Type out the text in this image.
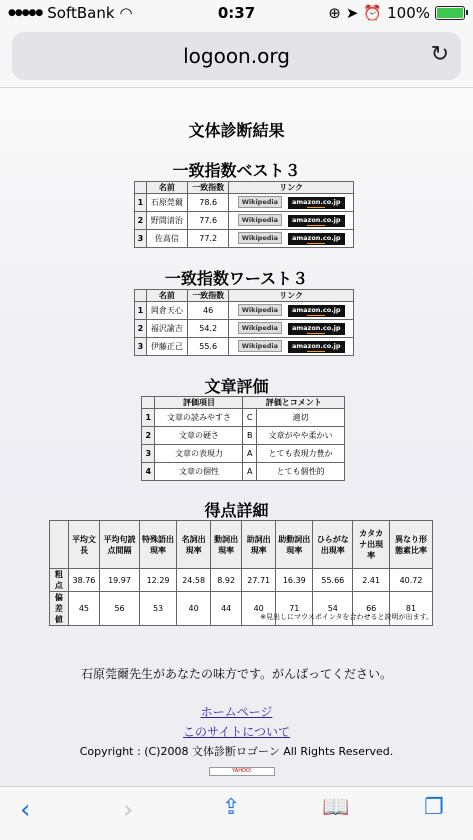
●●●●● SoftBank ◠	0:37	⊕ ➤ ⏰ 100%
logoon.org	↻
文体診断結果
一致指数ベスト３
	名前	一致指数	リンク
1	石原莞爾	78.6	Wikipedia amazon.co.jp
2	野間清治	77.6	Wikipedia amazon.co.jp
3	佐高信	77.2	Wikipedia amazon.co.jp
一致指数ワースト３
	名前	一致指数	リンク
1	岡倉天心	46	Wikipedia amazon.co.jp
2	福沢諭吉	54.2	Wikipedia amazon.co.jp
3	伊藤正己	55.6	Wikipedia amazon.co.jp
文章評価
	評価項目	評価とコメント	
1	文章の読みやすさ	C	適切
2	文章の硬さ	B	文章がやや柔かい
3	文章の表現力	A	とても表現力豊か
4	文章の個性	A	とても個性的
得点詳細
	平均文長	平均句読点間隔	特殊語出現率	名詞出現率	動詞出現率	助詞出現率	助動詞出現率	ひらがな出現率	カタカナ出現率	異なり形態素比率
粗点	38.76	19.97	12.29	24.58	8.92	27.71	16.39	55.66	2.41	40.72
偏差値	45	56	53	40	44	40	71	54	66	81
※見出しにマウスポインタを合わせると説明が出ます。
石原莞爾先生があなたの味方です。がんばってください。
ホームページ
このサイトについて
Copyright : (C)2008 文体診断ロゴーン All Rights Reserved.
YAHOO!
‹	›	⇪	📖	❐
